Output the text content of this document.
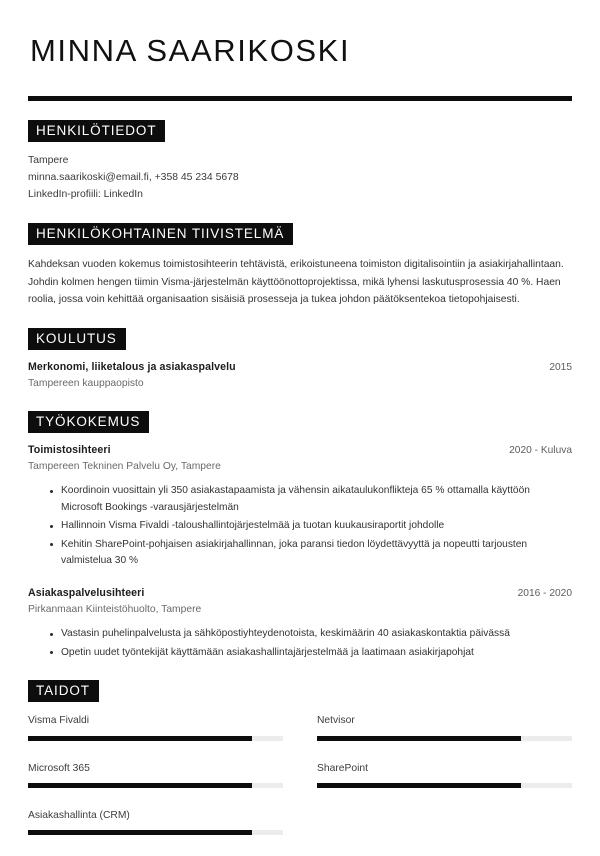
MINNA SAARIKOSKI
HENKILÖTIEDOT
Tampere
minna.saarikoski@email.fi, +358 45 234 5678
LinkedIn-profiili: LinkedIn
HENKILÖKOHTAINEN TIIVISTELMÄ

Kahdeksan vuoden kokemus toimistosihteerin tehtävistä, erikoistuneena toimiston digitalisointiin ja asiakirjahallintaan. Johdin kolmen hengen tiimin Visma-järjestelmän käyttöönottoprojektissa, mikä lyhensi laskutusprosessia 40 %. Haen roolia, jossa voin kehittää organisaation sisäisiä prosesseja ja tukea johdon päätöksentekoa tietopohjaisesti.

KOULUTUS
Merkonomi, liiketalous ja asiakaspalvelu	2015
Tampereen kauppaopisto
TYÖKOKEMUS
Toimistosihteeri	2020 - Kuluva
Tampereen Tekninen Palvelu Oy, Tampere
Koordinoin vuosittain yli 350 asiakastapaamista ja vähensin aikataulukonflikteja 65 % ottamalla käyttöön Microsoft Bookings -varausjärjestelmän
Hallinnoin Visma Fivaldi -taloushallintojärjestelmää ja tuotan kuukausiraportit johdolle
Kehitin SharePoint-pohjaisen asiakirjahallinnan, joka paransi tiedon löydettävyyttä ja nopeutti tarjousten valmistelua 30 %
Asiakaspalvelusihteeri	2016 - 2020
Pirkanmaan Kiinteistöhuolto, Tampere
Vastasin puhelinpalvelusta ja sähköpostiyhteydenotoista, keskimäärin 40 asiakaskontaktia päivässä
Opetin uudet työntekijät käyttämään asiakashallintajärjestelmää ja laatimaan asiakirjapohjat
TAIDOT
Visma Fivaldi	Netvisor
Microsoft 365	SharePoint
Asiakashallinta (CRM)
